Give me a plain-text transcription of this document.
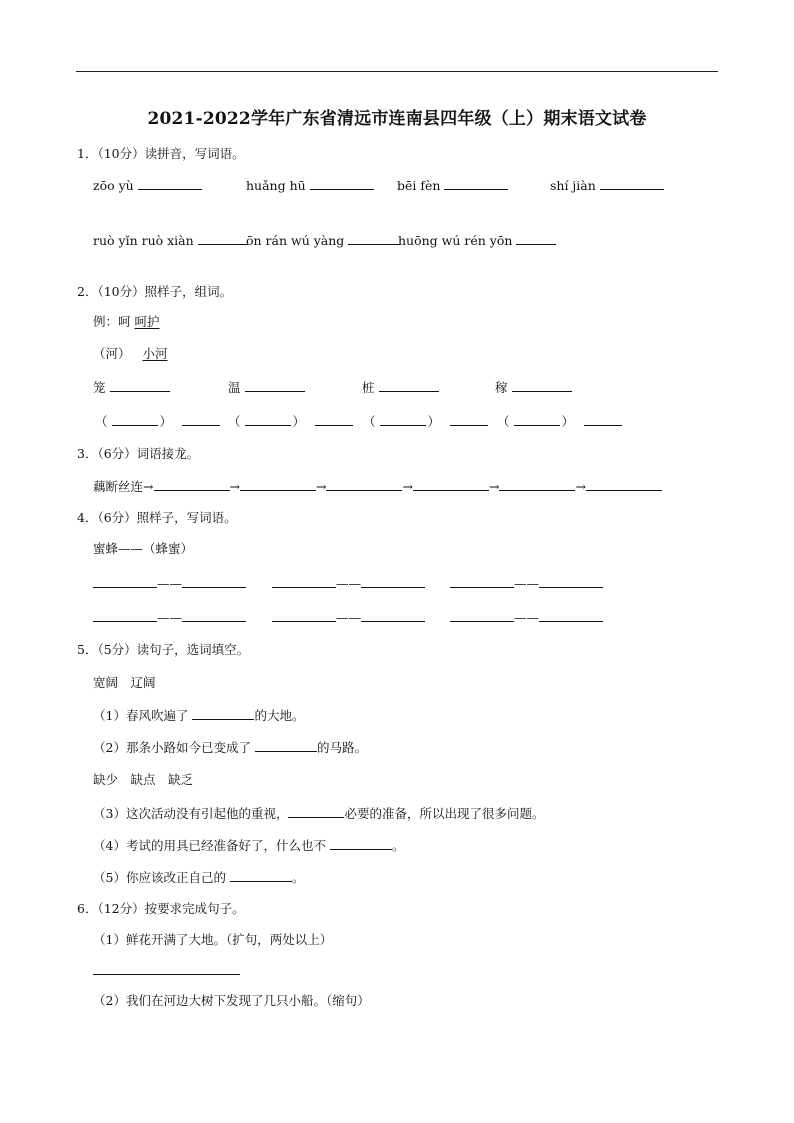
2021-2022学年广东省清远市连南县四年级（上）期末语文试卷
1．（10分）读拼音，写词语。
zōo yù	huǎng hū	bēi fèn	shí jiàn
ruò yǐn ruò xiàn	ōn rán wú yàng	huōng wú rén yōn
2．（10分）照样子，组词。
例：呵 呵护
（河） 小河
笼	温	桩	稼
（	）	（	）	（	）	（	）
3．（6分）词语接龙。
藕断丝连→	→	→	→	→	→
4．（6分）照样子，写词语。
蜜蜂——（蜂蜜）
——	——	——
——	——	——
5．（5分）读句子，选词填空。
宽阔　辽阔
（1）春风吹遍了	的大地。
（2）那条小路如今已变成了	的马路。
缺少　缺点　缺乏
（3）这次活动没有引起他的重视，	必要的准备，所以出现了很多问题。
（4）考试的用具已经准备好了，什么也不	。
（5）你应该改正自己的	。
6．（12分）按要求完成句子。
（1）鲜花开满了大地。（扩句，两处以上）
（2）我们在河边大树下发现了几只小船。（缩句）
